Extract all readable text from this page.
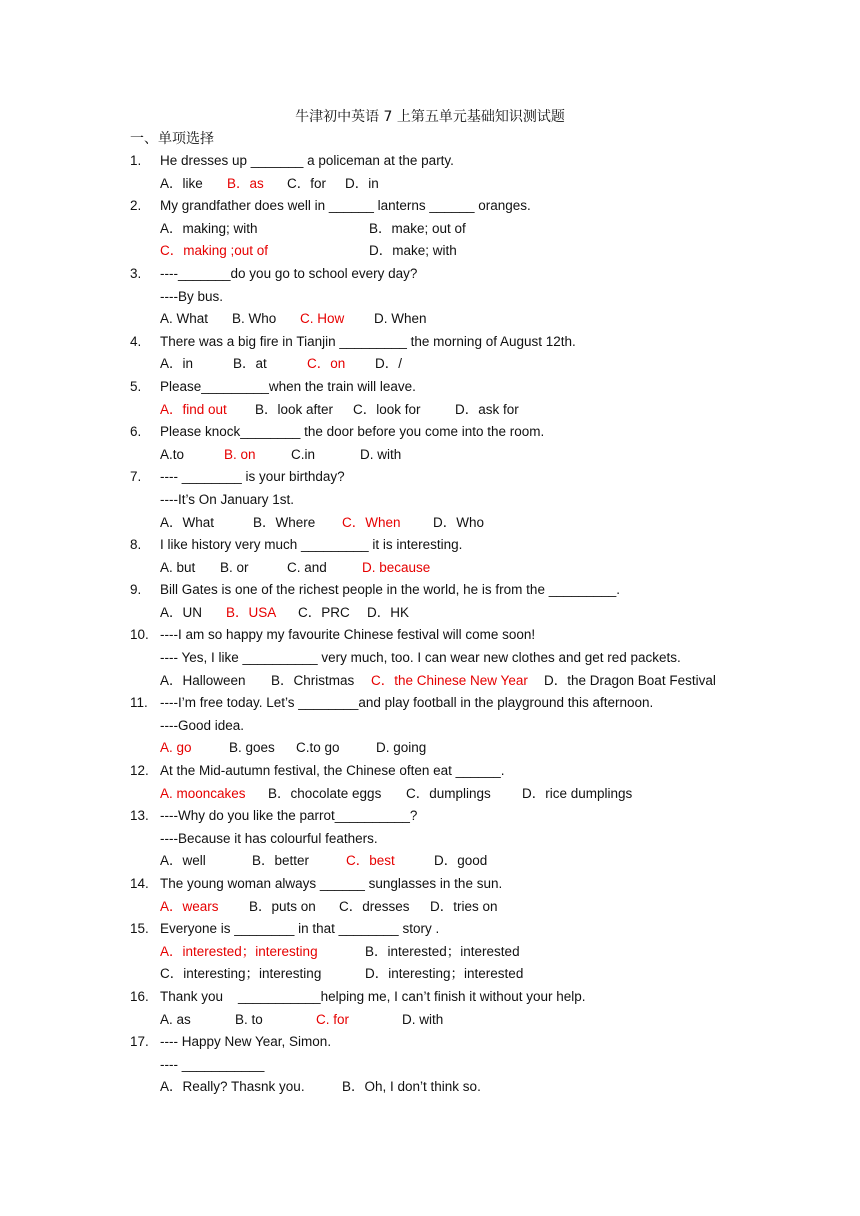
牛津初中英语 7 上第五单元基础知识测试题
一、单项选择
1. He dresses up _______ a policeman at the party.
A．like B．as C．for D．in
2. My grandfather does well in ______ lanterns ______ oranges.
A．making; with	B．make; out of
C．making ;out of	D．make; with
3. ----_______do you go to school every day?
----By bus.
A. What B. Who C. How D. When
4. There was a big fire in Tianjin _________ the morning of August 12th.
A．in	B．at	C．on D．/
5. Please_________when the train will leave.
A．find out B．look after C．look for	D．ask for
6. Please knock________ the door before you come into the room.
A.to	B. on	C.in	D. with
7. ---- ________ is your birthday?
----It’s On January 1st.
A．What	B．Where C．When D．Who
8. I like history very much _________ it is interesting.
A. but B. or	C. and	D. because
9. Bill Gates is one of the richest people in the world, he is from the _________.
A．UN B．USA C．PRC D．HK
10. ----I am so happy my favourite Chinese festival will come soon!
---- Yes, I like __________ very much, too. I can wear new clothes and get red packets.
A．Halloween B．Christmas C．the Chinese New Year D．the Dragon Boat Festival
11. ----I’m free today. Let’s ________and play football in the playground this afternoon.
----Good idea.
A. go	B. goes C.to go	D. going
12. At the Mid-autumn festival, the Chinese often eat ______.
A. mooncakes B．chocolate eggs C．dumplings D．rice dumplings
13. ----Why do you like the parrot__________?
----Because it has colourful feathers.
A．well	B．better	C．best	D．good
14. The young woman always ______ sunglasses in the sun.
A．wears B．puts on C．dresses D．tries on
15. Everyone is ________ in that ________ story .
A．interested；interesting	B．interested；interested
C．interesting；interesting	D．interesting；interested
16. Thank you    ___________helping me, I can’t finish it without your help.
A. as	B. to	C. for	D. with
17. ---- Happy New Year, Simon.
---- ___________
A．Really? Thasnk you.	B．Oh, I don’t think so.
